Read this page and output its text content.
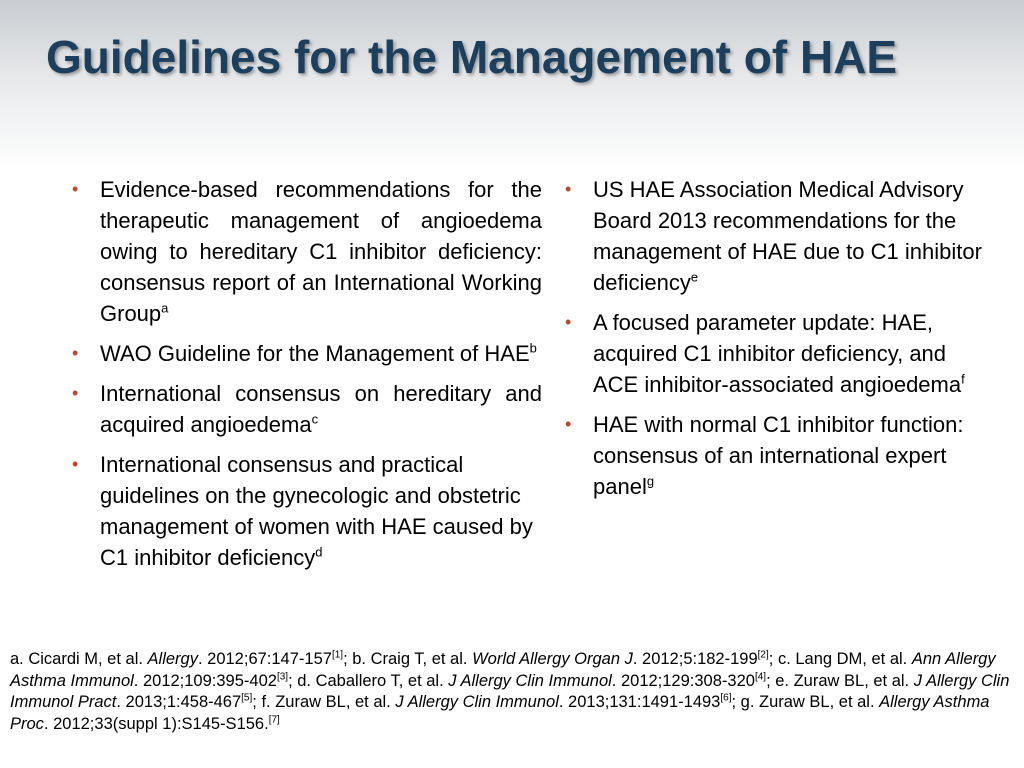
Guidelines for the Management of HAE
• Evidence-based recommendations for the therapeutic management of angioedema owing to hereditary C1 inhibitor deficiency: consensus report of an International Working Group$^a$
• WAO Guideline for the Management of HAE$^b$
• International consensus on hereditary and acquired angioedema$^c$
• International consensus and practical guidelines on the gynecologic and obstetric management of women with HAE caused by C1 inhibitor deficiency$^d$
• US HAE Association Medical Advisory Board 2013 recommendations for the management of HAE due to C1 inhibitor deficiency$^e$
• A focused parameter update: HAE, acquired C1 inhibitor deficiency, and ACE inhibitor-associated angioedema$^f$
• HAE with normal C1 inhibitor function: consensus of an international expert panel$^g$

a. Cicardi M, et al. Allergy. 2012;67:147-157[1]; b. Craig T, et al. World Allergy Organ J. 2012;5:182-199[2]; c. Lang DM, et al. Ann Allergy Asthma Immunol. 2012;109:395-402[3]; d. Caballero T, et al. J Allergy Clin Immunol. 2012;129:308-320[4]; e. Zuraw BL, et al. J Allergy Clin Immunol Pract. 2013;1:458-467[5]; f. Zuraw BL, et al. J Allergy Clin Immunol. 2013;131:1491-1493[6]; g. Zuraw BL, et al. Allergy Asthma Proc. 2012;33(suppl 1):S145-S156.[7]
